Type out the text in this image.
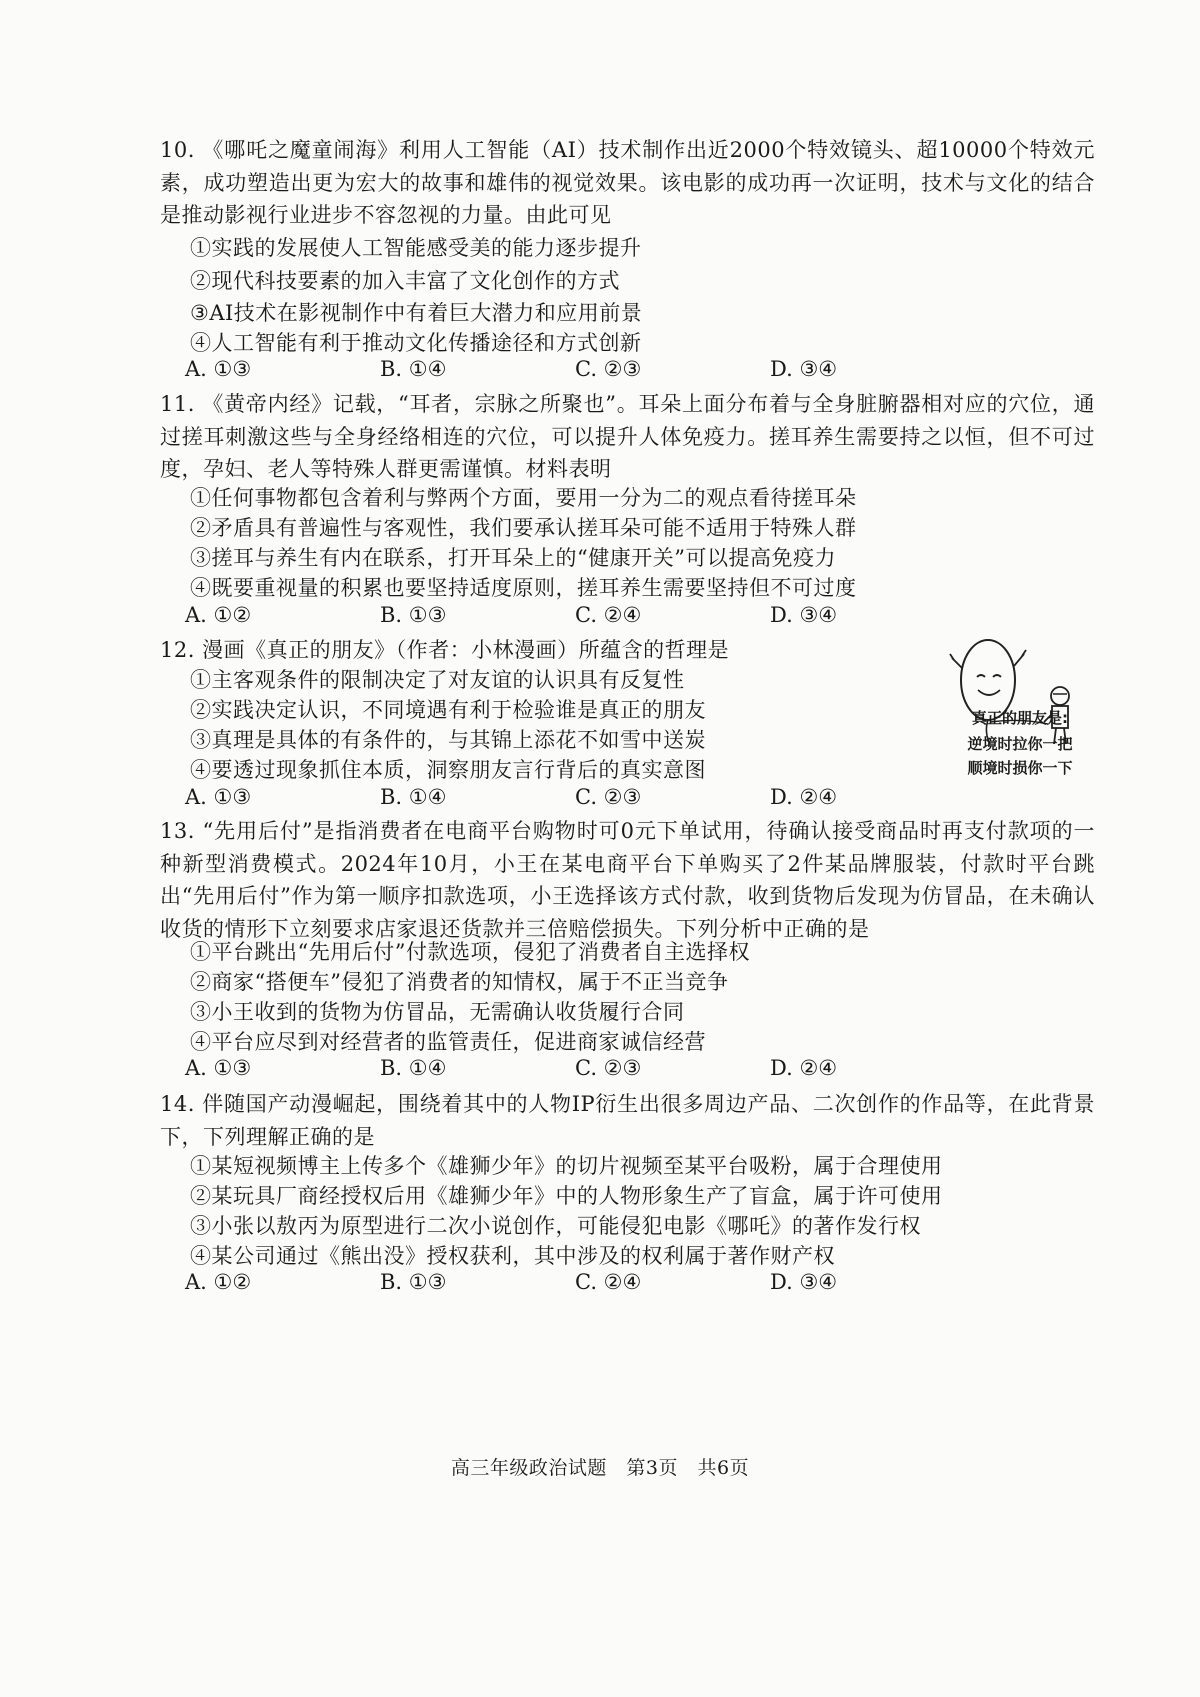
10. 《哪吒之魔童闹海》利用人工智能（AI）技术制作出近2000个特效镜头、超10000个特效元素，成功塑造出更为宏大的故事和雄伟的视觉效果。该电影的成功再一次证明，技术与文化的结合是推动影视行业进步不容忽视的力量。由此可见
①实践的发展使人工智能感受美的能力逐步提升
②现代科技要素的加入丰富了文化创作的方式
③AI技术在影视制作中有着巨大潜力和应用前景
④人工智能有利于推动文化传播途径和方式创新
A. ①③	B. ①④	C. ②③	D. ③④
11. 《黄帝内经》记载，“耳者，宗脉之所聚也”。耳朵上面分布着与全身脏腑器相对应的穴位，通过搓耳刺激这些与全身经络相连的穴位，可以提升人体免疫力。搓耳养生需要持之以恒，但不可过度，孕妇、老人等特殊人群更需谨慎。材料表明
①任何事物都包含着利与弊两个方面，要用一分为二的观点看待搓耳朵
②矛盾具有普遍性与客观性，我们要承认搓耳朵可能不适用于特殊人群
③搓耳与养生有内在联系，打开耳朵上的“健康开关”可以提高免疫力
④既要重视量的积累也要坚持适度原则，搓耳养生需要坚持但不可过度
A. ①②	B. ①③	C. ②④	D. ③④
12. 漫画《真正的朋友》（作者：小林漫画）所蕴含的哲理是
①主客观条件的限制决定了对友谊的认识具有反复性
②实践决定认识，不同境遇有利于检验谁是真正的朋友
③真理是具体的有条件的，与其锦上添花不如雪中送炭
④要透过现象抓住本质，洞察朋友言行背后的真实意图
A. ①③	B. ①④	C. ②③	D. ②④
真正的朋友是:
逆境时拉你一把
顺境时损你一下
13. “先用后付”是指消费者在电商平台购物时可0元下单试用，待确认接受商品时再支付款项的一种新型消费模式。2024年10月，小王在某电商平台下单购买了2件某品牌服装，付款时平台跳出“先用后付”作为第一顺序扣款选项，小王选择该方式付款，收到货物后发现为仿冒品，在未确认收货的情形下立刻要求店家退还货款并三倍赔偿损失。下列分析中正确的是
①平台跳出“先用后付”付款选项，侵犯了消费者自主选择权
②商家“搭便车”侵犯了消费者的知情权，属于不正当竞争
③小王收到的货物为仿冒品，无需确认收货履行合同
④平台应尽到对经营者的监管责任，促进商家诚信经营
A. ①③	B. ①④	C. ②③	D. ②④
14. 伴随国产动漫崛起，围绕着其中的人物IP衍生出很多周边产品、二次创作的作品等，在此背景下，下列理解正确的是
①某短视频博主上传多个《雄狮少年》的切片视频至某平台吸粉，属于合理使用
②某玩具厂商经授权后用《雄狮少年》中的人物形象生产了盲盒，属于许可使用
③小张以敖丙为原型进行二次小说创作，可能侵犯电影《哪吒》的著作发行权
④某公司通过《熊出没》授权获利，其中涉及的权利属于著作财产权
A. ①②	B. ①③	C. ②④	D. ③④
高三年级政治试题　第3页　共6页
